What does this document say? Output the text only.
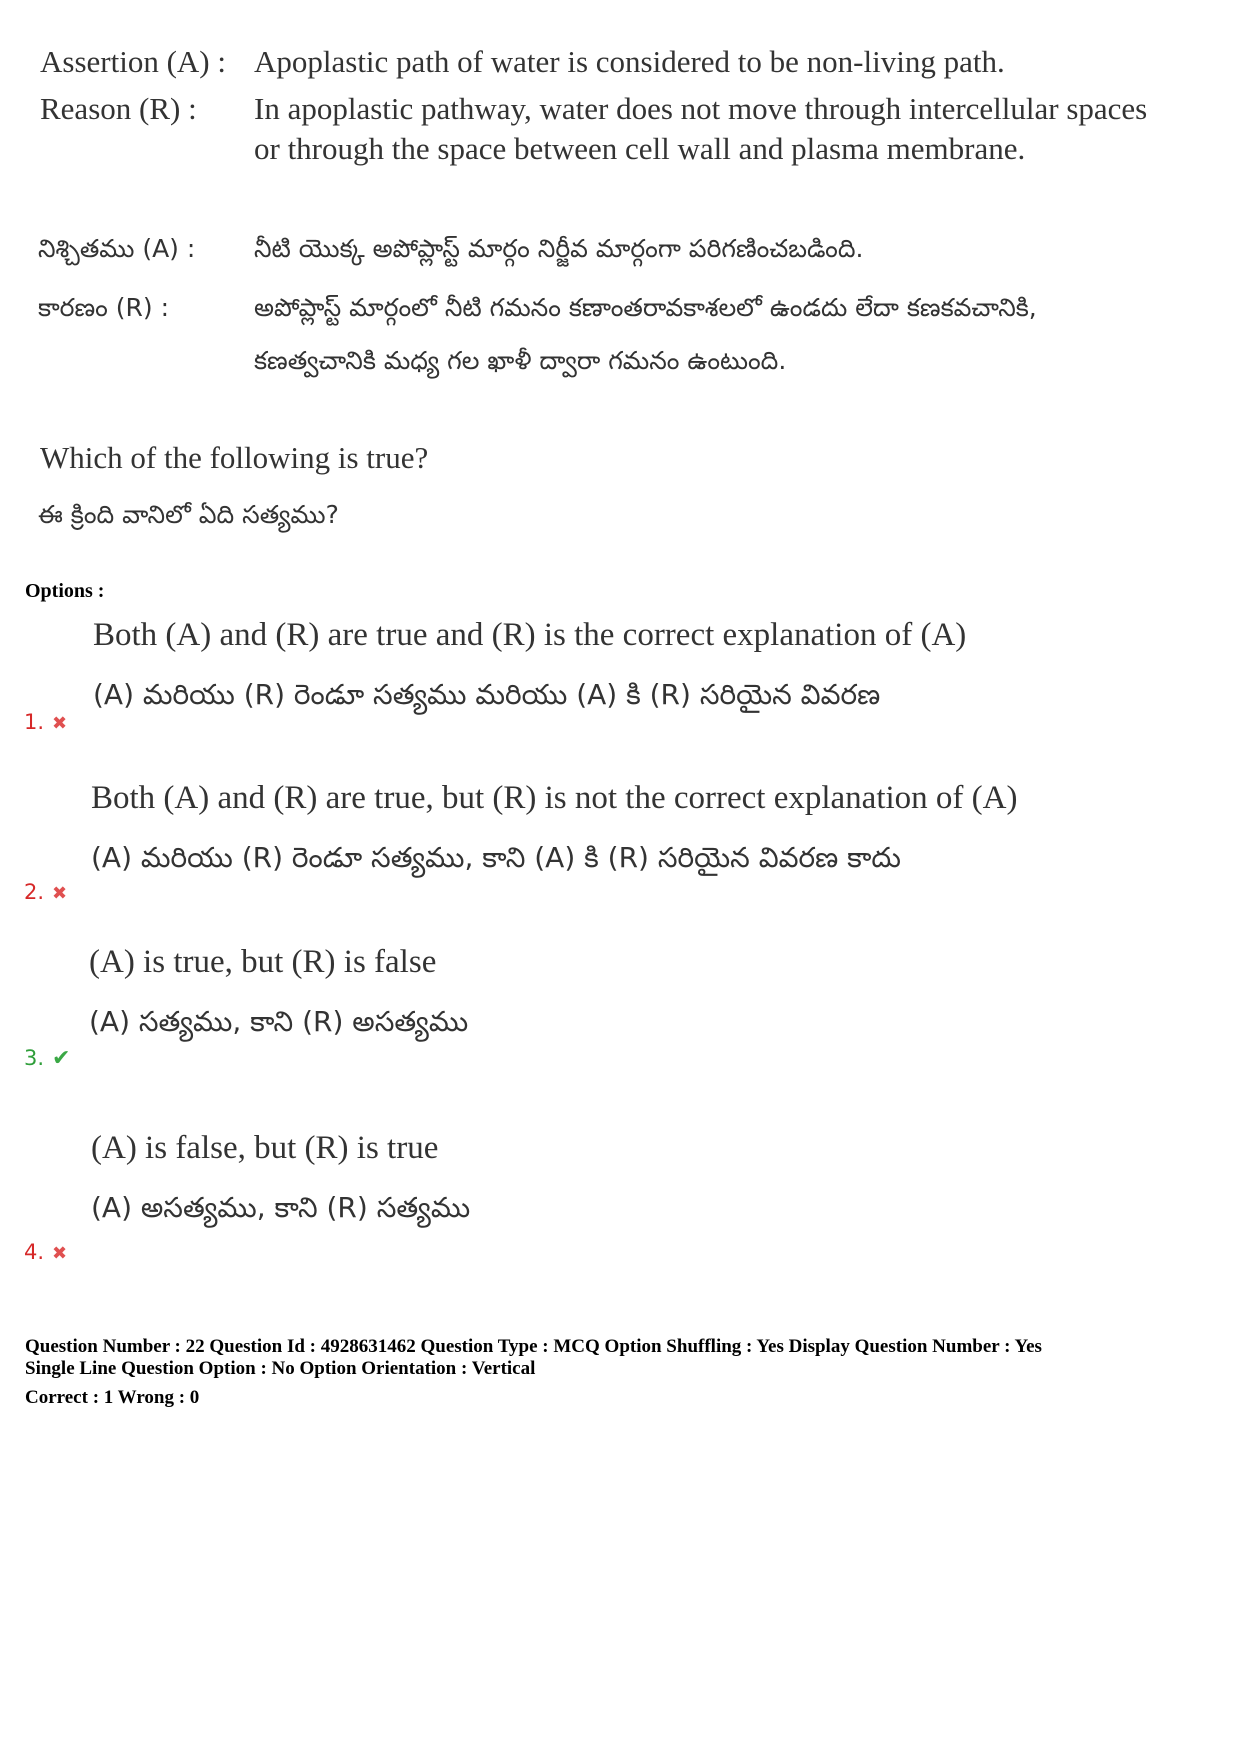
Assertion (A) : Apoplastic path of water is considered to be non-living path.
Reason (R) : In apoplastic pathway, water does not move through intercellular spaces
or through the space between cell wall and plasma membrane.
నిశ్చితము (A) : నీటి యొక్క అపోప్లాస్ట్ మార్గం నిర్జీవ మార్గంగా పరిగణించబడింది.
కారణం (R) :	అపోప్లాస్ట్ మార్గంలో నీటి గమనం కణాంతరావకాశలలో ఉండదు లేదా కణకవచానికి,
కణత్వచానికి మధ్య గల ఖాళీ ద్వారా గమనం ఉంటుంది.
Which of the following is true?
ఈ క్రింది వానిలో ఏది సత్యము?
Options :
Both (A) and (R) are true and (R) is the correct explanation of (A)
(A) మరియు (R) రెండూ సత్యము మరియు (A) కి (R) సరియైన వివరణ
1. ✖
Both (A) and (R) are true, but (R) is not the correct explanation of (A)
(A) మరియు (R) రెండూ సత్యము, కాని (A) కి (R) సరియైన వివరణ కాదు
2. ✖
(A) is true, but (R) is false
(A) సత్యము, కాని (R) అసత్యము
3. ✔
(A) is false, but (R) is true
(A) అసత్యము, కాని (R) సత్యము
4. ✖
Question Number : 22 Question Id : 4928631462 Question Type : MCQ Option Shuffling : Yes Display Question Number : Yes
Single Line Question Option : No Option Orientation : Vertical
Correct : 1 Wrong : 0
